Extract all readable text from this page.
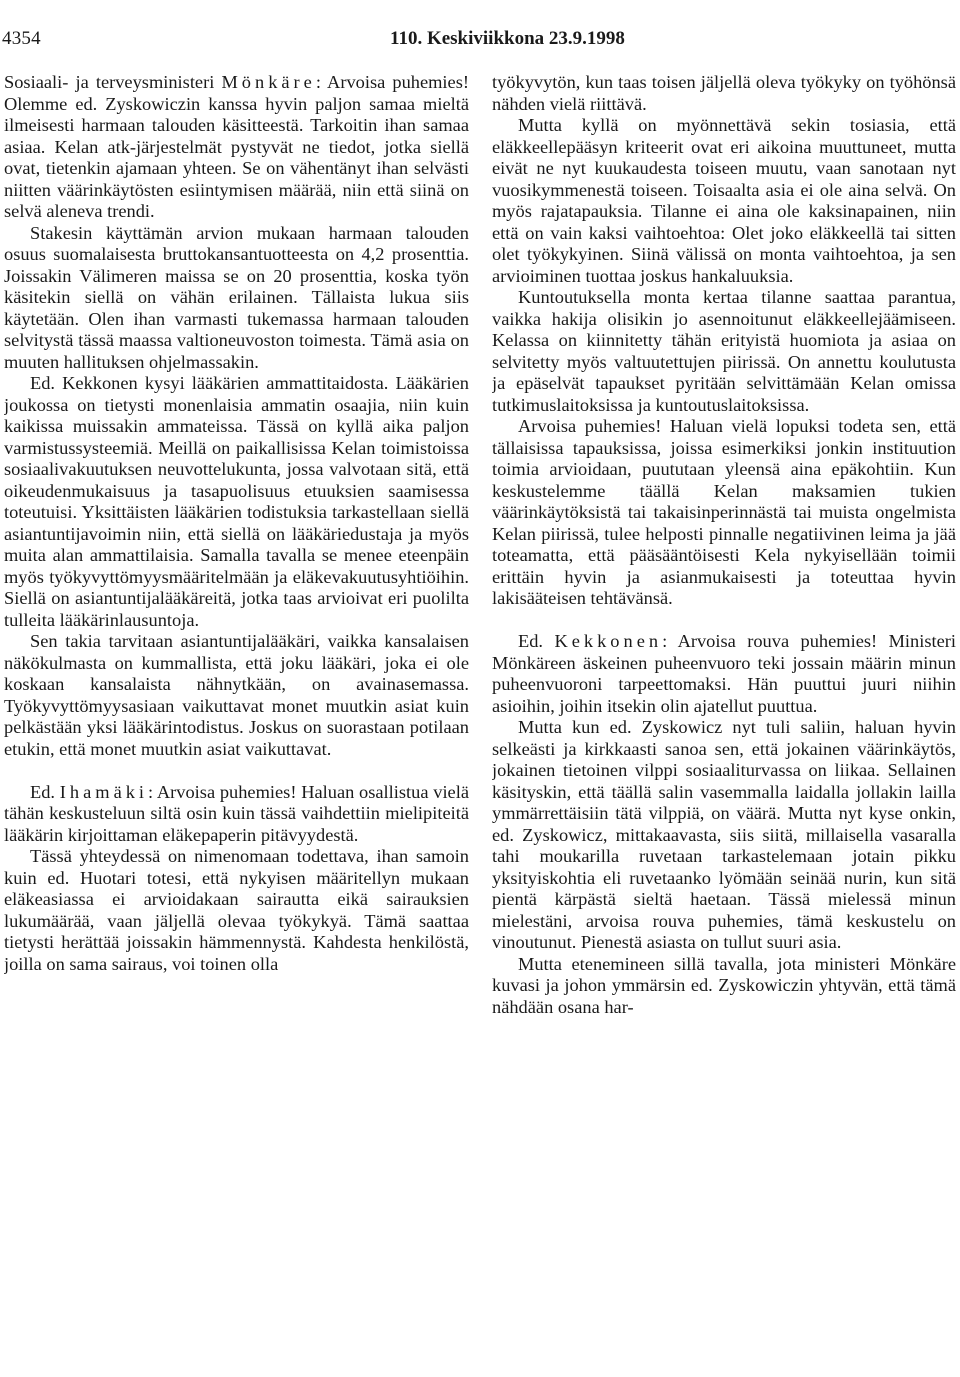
4354	110. Keskiviikkona 23.9.1998

Sosiaali- ja terveysministeri Mönkäre: Arvoisa puhemies! Olemme ed. Zyskowiczin kanssa hyvin paljon samaa mieltä ilmeisesti harmaan talouden käsitteestä. Tarkoitin ihan samaa asiaa. Kelan atk-järjestelmät pystyvät ne tiedot, jotka siellä ovat, tietenkin ajamaan yhteen. Se on vähentänyt ihan selvästi niitten väärinkäytösten esiintymisen määrää, niin että siinä on selvä aleneva trendi.

Stakesin käyttämän arvion mukaan harmaan talouden osuus suomalaisesta bruttokansantuotteesta on 4,2 prosenttia. Joissakin Välimeren maissa se on 20 prosenttia, koska työn käsitekin siellä on vähän erilainen. Tällaista lukua siis käytetään. Olen ihan varmasti tukemassa harmaan talouden selvitystä tässä maassa valtioneuvoston toimesta. Tämä asia on muuten hallituksen ohjelmassakin.

Ed. Kekkonen kysyi lääkärien ammattitaidosta. Lääkärien joukossa on tietysti monenlaisia ammatin osaajia, niin kuin kaikissa muissakin ammateissa. Tässä on kyllä aika paljon varmistussysteemiä. Meillä on paikallisissa Kelan toimistoissa sosiaalivakuutuksen neuvottelukunta, jossa valvotaan sitä, että oikeudenmukaisuus ja tasapuolisuus etuuksien saamisessa toteutuisi. Yksittäisten lääkärien todistuksia tarkastellaan siellä asiantuntijavoimin niin, että siellä on lääkäriedustaja ja myös muita alan ammattilaisia. Samalla tavalla se menee eteenpäin myös työkyvyttömyysmääritelmään ja eläkevakuutusyhtiöihin. Siellä on asiantuntijalääkäreitä, jotka taas arvioivat eri puolilta tulleita lääkärinlausuntoja.

Sen takia tarvitaan asiantuntijalääkäri, vaikka kansalaisen näkökulmasta on kummallista, että joku lääkäri, joka ei ole koskaan kansalaista nähnytkään, on avainasemassa. Työkyvyttömyysasiaan vaikuttavat monet muutkin asiat kuin pelkästään yksi lääkärintodistus. Joskus on suorastaan potilaan etukin, että monet muutkin asiat vaikuttavat.

Ed. Ihamäki: Arvoisa puhemies! Haluan osallistua vielä tähän keskusteluun siltä osin kuin tässä vaihdettiin mielipiteitä lääkärin kirjoittaman eläkepaperin pitävyydestä.

Tässä yhteydessä on nimenomaan todettava, ihan samoin kuin ed. Huotari totesi, että nykyisen määritellyn mukaan eläkeasiassa ei arvioidakaan sairautta eikä sairauksien lukumäärää, vaan jäljellä olevaa työkykyä. Tämä saattaa tietysti herättää joissakin hämmennystä. Kahdesta henkilöstä, joilla on sama sairaus, voi toinen olla

työkyvytön, kun taas toisen jäljellä oleva työkyky on työhönsä nähden vielä riittävä.

Mutta kyllä on myönnettävä sekin tosiasia, että eläkkeellepääsyn kriteerit ovat eri aikoina muuttuneet, mutta eivät ne nyt kuukaudesta toiseen muutu, vaan sanotaan nyt vuosikymmenestä toiseen. Toisaalta asia ei ole aina selvä. On myös rajatapauksia. Tilanne ei aina ole kaksinapainen, niin että on vain kaksi vaihtoehtoa: Olet joko eläkkeellä tai sitten olet työkykyinen. Siinä välissä on monta vaihtoehtoa, ja sen arvioiminen tuottaa joskus hankaluuksia.

Kuntoutuksella monta kertaa tilanne saattaa parantua, vaikka hakija olisikin jo asennoitunut eläkkeellejäämiseen. Kelassa on kiinnitetty tähän erityistä huomiota ja asiaa on selvitetty myös valtuutettujen piirissä. On annettu koulutusta ja epäselvät tapaukset pyritään selvittämään Kelan omissa tutkimuslaitoksissa ja kuntoutuslaitoksissa.

Arvoisa puhemies! Haluan vielä lopuksi todeta sen, että tällaisissa tapauksissa, joissa esimerkiksi jonkin instituution toimia arvioidaan, puututaan yleensä aina epäkohtiin. Kun keskustelemme täällä Kelan maksamien tukien väärinkäytöksistä tai takaisinperinnästä tai muista ongelmista Kelan piirissä, tulee helposti pinnalle negatiivinen leima ja jää toteamatta, että pääsääntöisesti Kela nykyisellään toimii erittäin hyvin ja asianmukaisesti ja toteuttaa hyvin lakisääteisen tehtävänsä.

Ed. Kekkonen: Arvoisa rouva puhemies! Ministeri Mönkäreen äskeinen puheenvuoro teki jossain määrin minun puheenvuoroni tarpeettomaksi. Hän puuttui juuri niihin asioihin, joihin itsekin olin ajatellut puuttua.

Mutta kun ed. Zyskowicz nyt tuli saliin, haluan hyvin selkeästi ja kirkkaasti sanoa sen, että jokainen väärinkäytös, jokainen tietoinen vilppi sosiaaliturvassa on liikaa. Sellainen käsityskin, että täällä salin vasemmalla laidalla jollakin lailla ymmärrettäisiin tätä vilppiä, on väärä. Mutta nyt kyse onkin, ed. Zyskowicz, mittakaavasta, siis siitä, millaisella vasaralla tahi moukarilla ruvetaan tarkastelemaan jotain pikku yksityiskohtia eli ruvetaanko lyömään seinää nurin, kun sitä pientä kärpästä sieltä haetaan. Tässä mielessä minun mielestäni, arvoisa rouva puhemies, tämä keskustelu on vinoutunut. Pienestä asiasta on tullut suuri asia.

Mutta etenemineen sillä tavalla, jota ministeri Mönkäre kuvasi ja johon ymmärsin ed. Zyskowiczin yhtyvän, että tämä nähdään osana har-
